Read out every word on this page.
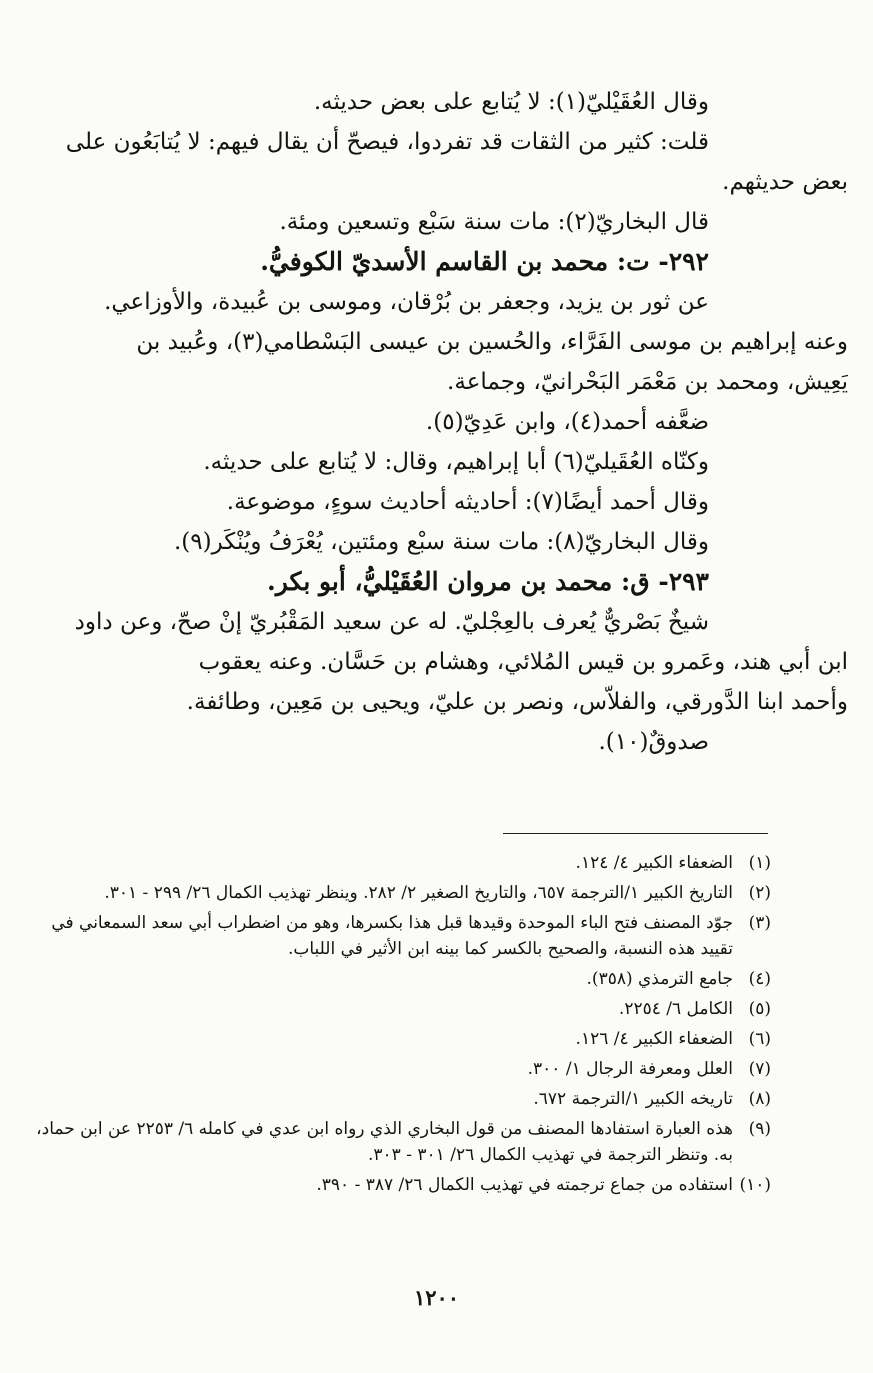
وقال العُقَيْليّ(١): لا يُتابع على بعض حديثه.
قلت: كثير من الثقات قد تفردوا، فيصحّ أن يقال فيهم: لا يُتابَعُون على
بعض حديثهم.
قال البخاريّ(٢): مات سنة سَبْع وتسعين ومئة.
٢٩٢- ت: محمد بن القاسم الأسديّ الكوفيُّ.
عن ثور بن يزيد، وجعفر بن بُرْقان، وموسى بن عُبيدة، والأوزاعي.
وعنه إبراهيم بن موسى الفَرَّاء، والحُسين بن عيسى البَسْطامي(٣)، وعُبيد بن
يَعِيش، ومحمد بن مَعْمَر البَحْرانيّ، وجماعة.
ضعَّفه أحمد(٤)، وابن عَدِيّ(٥).
وكنّاه العُقَيليّ(٦) أبا إبراهيم، وقال: لا يُتابع على حديثه.
وقال أحمد أيضًا(٧): أحاديثه أحاديث سوءٍ، موضوعة.
وقال البخاريّ(٨): مات سنة سبْع ومئتين، يُعْرَفُ ويُنْكَر(٩).
٢٩٣- ق: محمد بن مروان العُقَيْليُّ، أبو بكر.
شيخٌ بَصْريٌّ يُعرف بالعِجْليّ. له عن سعيد المَقْبُريّ إنْ صحّ، وعن داود
ابن أبي هند، وعَمرو بن قيس المُلائي، وهشام بن حَسَّان. وعنه يعقوب
وأحمد ابنا الدَّورقي، والفلاّس، ونصر بن عليّ، ويحيى بن مَعِين، وطائفة.
صدوقٌ(١٠).
(١)
الضعفاء الكبير ٤/ ١٢٤.
(٢)
التاريخ الكبير ١/الترجمة ٦٥٧، والتاريخ الصغير ٢/ ٢٨٢. وينظر تهذيب الكمال ٢٦/ ٢٩٩ - ٣٠١.
(٣)
جوّد المصنف فتح الباء الموحدة وقيدها قبل هذا بكسرها، وهو من اضطراب أبي سعد السمعاني في تقييد هذه النسبة، والصحيح بالكسر كما بينه ابن الأثير في اللباب.
(٤)
جامع الترمذي (٣٥٨).
(٥)
الكامل ٦/ ٢٢٥٤.
(٦)
الضعفاء الكبير ٤/ ١٢٦.
(٧)
العلل ومعرفة الرجال ١/ ٣٠٠.
(٨)
تاريخه الكبير ١/الترجمة ٦٧٢.
(٩)
هذه العبارة استفادها المصنف من قول البخاري الذي رواه ابن عدي في كامله ٦/ ٢٢٥٣ عن ابن حماد، به. وتنظر الترجمة في تهذيب الكمال ٢٦/ ٣٠١ - ٣٠٣.
(١٠)
استفاده من جماع ترجمته في تهذيب الكمال ٢٦/ ٣٨٧ - ٣٩٠.
١٢٠٠
